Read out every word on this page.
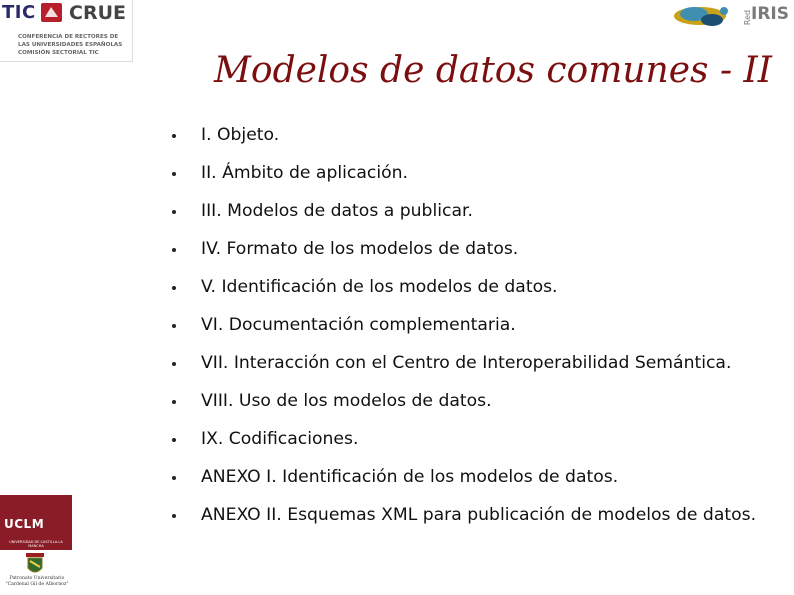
TIC CRUE
CONFERENCIA DE RECTORES DE
LAS UNIVERSIDADES ESPAÑOLAS
COMISIÓN SECTORIAL TIC
Red
IRIS
Modelos de datos comunes - II
I. Objeto.
II. Ámbito de aplicación.
III. Modelos de datos a publicar.
IV. Formato de los modelos de datos.
V. Identificación de los modelos de datos.
VI. Documentación complementaria.
VII. Interacción con el Centro de Interoperabilidad Semántica.
VIII. Uso de los modelos de datos.
IX. Codificaciones.
ANEXO I. Identificación de los modelos de datos.
ANEXO II. Esquemas XML para publicación de modelos de datos.
UCLM
UNIVERSIDAD DE CASTILLA-LA MANCHA
Patronato Universitario
"Cardenal Gil de Albornoz"
